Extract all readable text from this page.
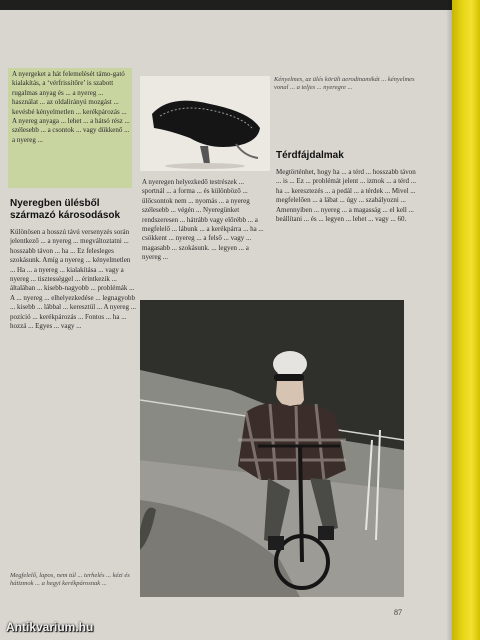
A nyergeket a hát felemelését támo-gató kialakítás, a ‘vérfrissítőre’ is szabott rugalmas anyag és ... a nyereg ... használat ... az oldalirányú mozgást ... kevésbé kényelmetlen ... kerékpározás ... A nyereg anyaga ... lehet ... a hátsó rész ... szélesebb ... a csontok ... vagy dükkenő ... a nyereg ...
Nyeregben ülésből származó károsodások
Különösen a hosszú távú versenyzés során jelentkező ... a nyereg ... megváltoztatni ... hosszabb távon ... ha ... Ez felesleges szokásunk. Amíg a nyereg ... kényelmetlen ... Ha ... a nyereg ... kialakítása ... vagy a nyereg ... tisztességgel ... érintkezik ... általában ... kisebb-nagyobb ... problémák ... A ... nyereg ... elhelyezkedése ... legnagyobb ... kisebb ... lábbal ... keresztül ... A nyereg ... pozíció ... kerékpározás ... Fontos ... ha ... hozzá ... Egyes ... vagy ...
Megfelelő, lapos, nem túl ... terhelés ... kézi és hátizmok ... a hegyi kerékpárosnak ...
Kényelmes, az ülés körüli aerodinamikát ... kényelmes vonal ... a teljes ... nyeregre ...
A nyeregen helyezkedő testrészek ... sportnál ... a forma ... és különböző ... ülőcsontok nem ... nyomás ... a nyereg szélesebb ... végén ... Nyeregünket rendszeresen ... hátrább vagy előrébb ... a megfelelő ... lábunk ... a kerékpárra ... ha ... csökkent ... nyereg ... a felső ... vagy ... magasabb ... szokásunk. ... legyen ... a nyereg ...
Térdfájdalmak
Megtörténhet, hogy ha ... a térd ... hosszabb távon ... is ... Ez ... problémát jelent ... izmok ... a térd ... ha ... keresztezés ... a pedál ... a térdek ... Mivel ... megfelelően ... a lábat ... úgy ... szabályozni ... Amennyiben ... nyereg ... a magasság ... el kell ... beállítani ... és ... legyen ... lehet ... vagy ... 60.
87
Antikvarium.hu
